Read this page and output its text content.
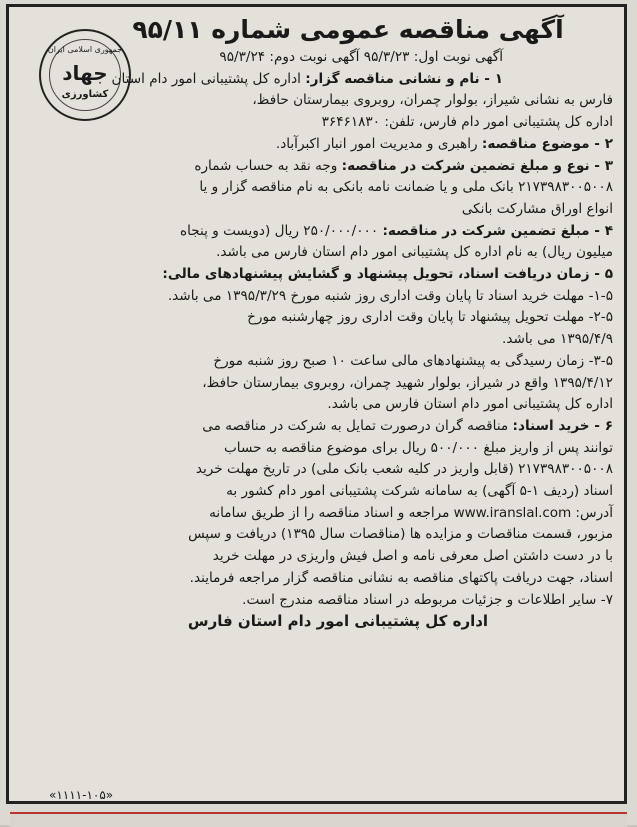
جمهوری اسلامی ایران
جهاد
کشاورزی
آگهی مناقصه عمومی شماره ۹۵/۱۱

آگهی نوبت اول: ۹۵/۳/۲۳ آگهی نوبت دوم: ۹۵/۳/۲۴

۱ - نام و نشانی مناقصه گزار: اداره کل پشتیبانی امور دام استان

فارس به نشانی شیراز، بولوار چمران، روبروی بیمارستان حافظ،

اداره کل پشتیبانی امور دام فارس، تلفن: ۳۶۴۶۱۸۳۰

۲ - موضوع مناقصه: راهبری و مدیریت امور انبار اکبرآباد.

۳ - نوع و مبلغ تضمین شرکت در مناقصه: وجه نقد به حساب شماره

۲۱۷۳۹۸۳۰۰۵۰۰۸ بانک ملی و یا ضمانت نامه بانکی به نام مناقصه گزار و یا

انواع اوراق مشارکت بانکی

۴ - مبلغ تضمین شرکت در مناقصه: ۲۵۰/۰۰۰/۰۰۰ ریال (دویست و پنجاه

میلیون ریال) به نام اداره کل پشتیبانی امور دام استان فارس می باشد.

۵ - زمان دریافت اسناد، تحویل پیشنهاد و گشایش پیشنهادهای مالی:

۱-۵- مهلت خرید اسناد تا پایان وقت اداری روز شنبه مورخ ۱۳۹۵/۳/۲۹ می باشد.

۲-۵- مهلت تحویل پیشنهاد تا پایان وقت اداری روز چهارشنبه مورخ

۱۳۹۵/۴/۹ می باشد.

۳-۵- زمان رسیدگی به پیشنهادهای مالی ساعت ۱۰ صبح روز شنبه مورخ

۱۳۹۵/۴/۱۲ واقع در شیراز، بولوار شهید چمران، روبروی بیمارستان حافظ،

اداره کل پشتیبانی امور دام استان فارس می باشد.

۶ - خرید اسناد: مناقصه گران درصورت تمایل به شرکت در مناقصه می

توانند پس از واریز مبلغ ۵۰۰/۰۰۰ ریال برای موضوع مناقصه به حساب

۲۱۷۳۹۸۳۰۰۵۰۰۸ (قابل واریز در کلیه شعب بانک ملی) در تاریخ مهلت خرید

اسناد (ردیف ۱-۵ آگهی) به سامانه شرکت پشتیبانی امور دام کشور به

آدرس: www.iranslal.com مراجعه و اسناد مناقصه را از طریق سامانه

مزبور، قسمت مناقصات و مزایده ها (مناقصات سال ۱۳۹۵) دریافت و سپس

با در دست داشتن اصل معرفی نامه و اصل فیش واریزی در مهلت خرید

اسناد، جهت دریافت پاکتهای مناقصه به نشانی مناقصه گزار مراجعه فرمایند.

۷- سایر اطلاعات و جزئیات مربوطه در اسناد مناقصه مندرج است.

اداره کل پشتیبانی امور دام استان فارس

«۱۱۱۱-۱۰۵»
